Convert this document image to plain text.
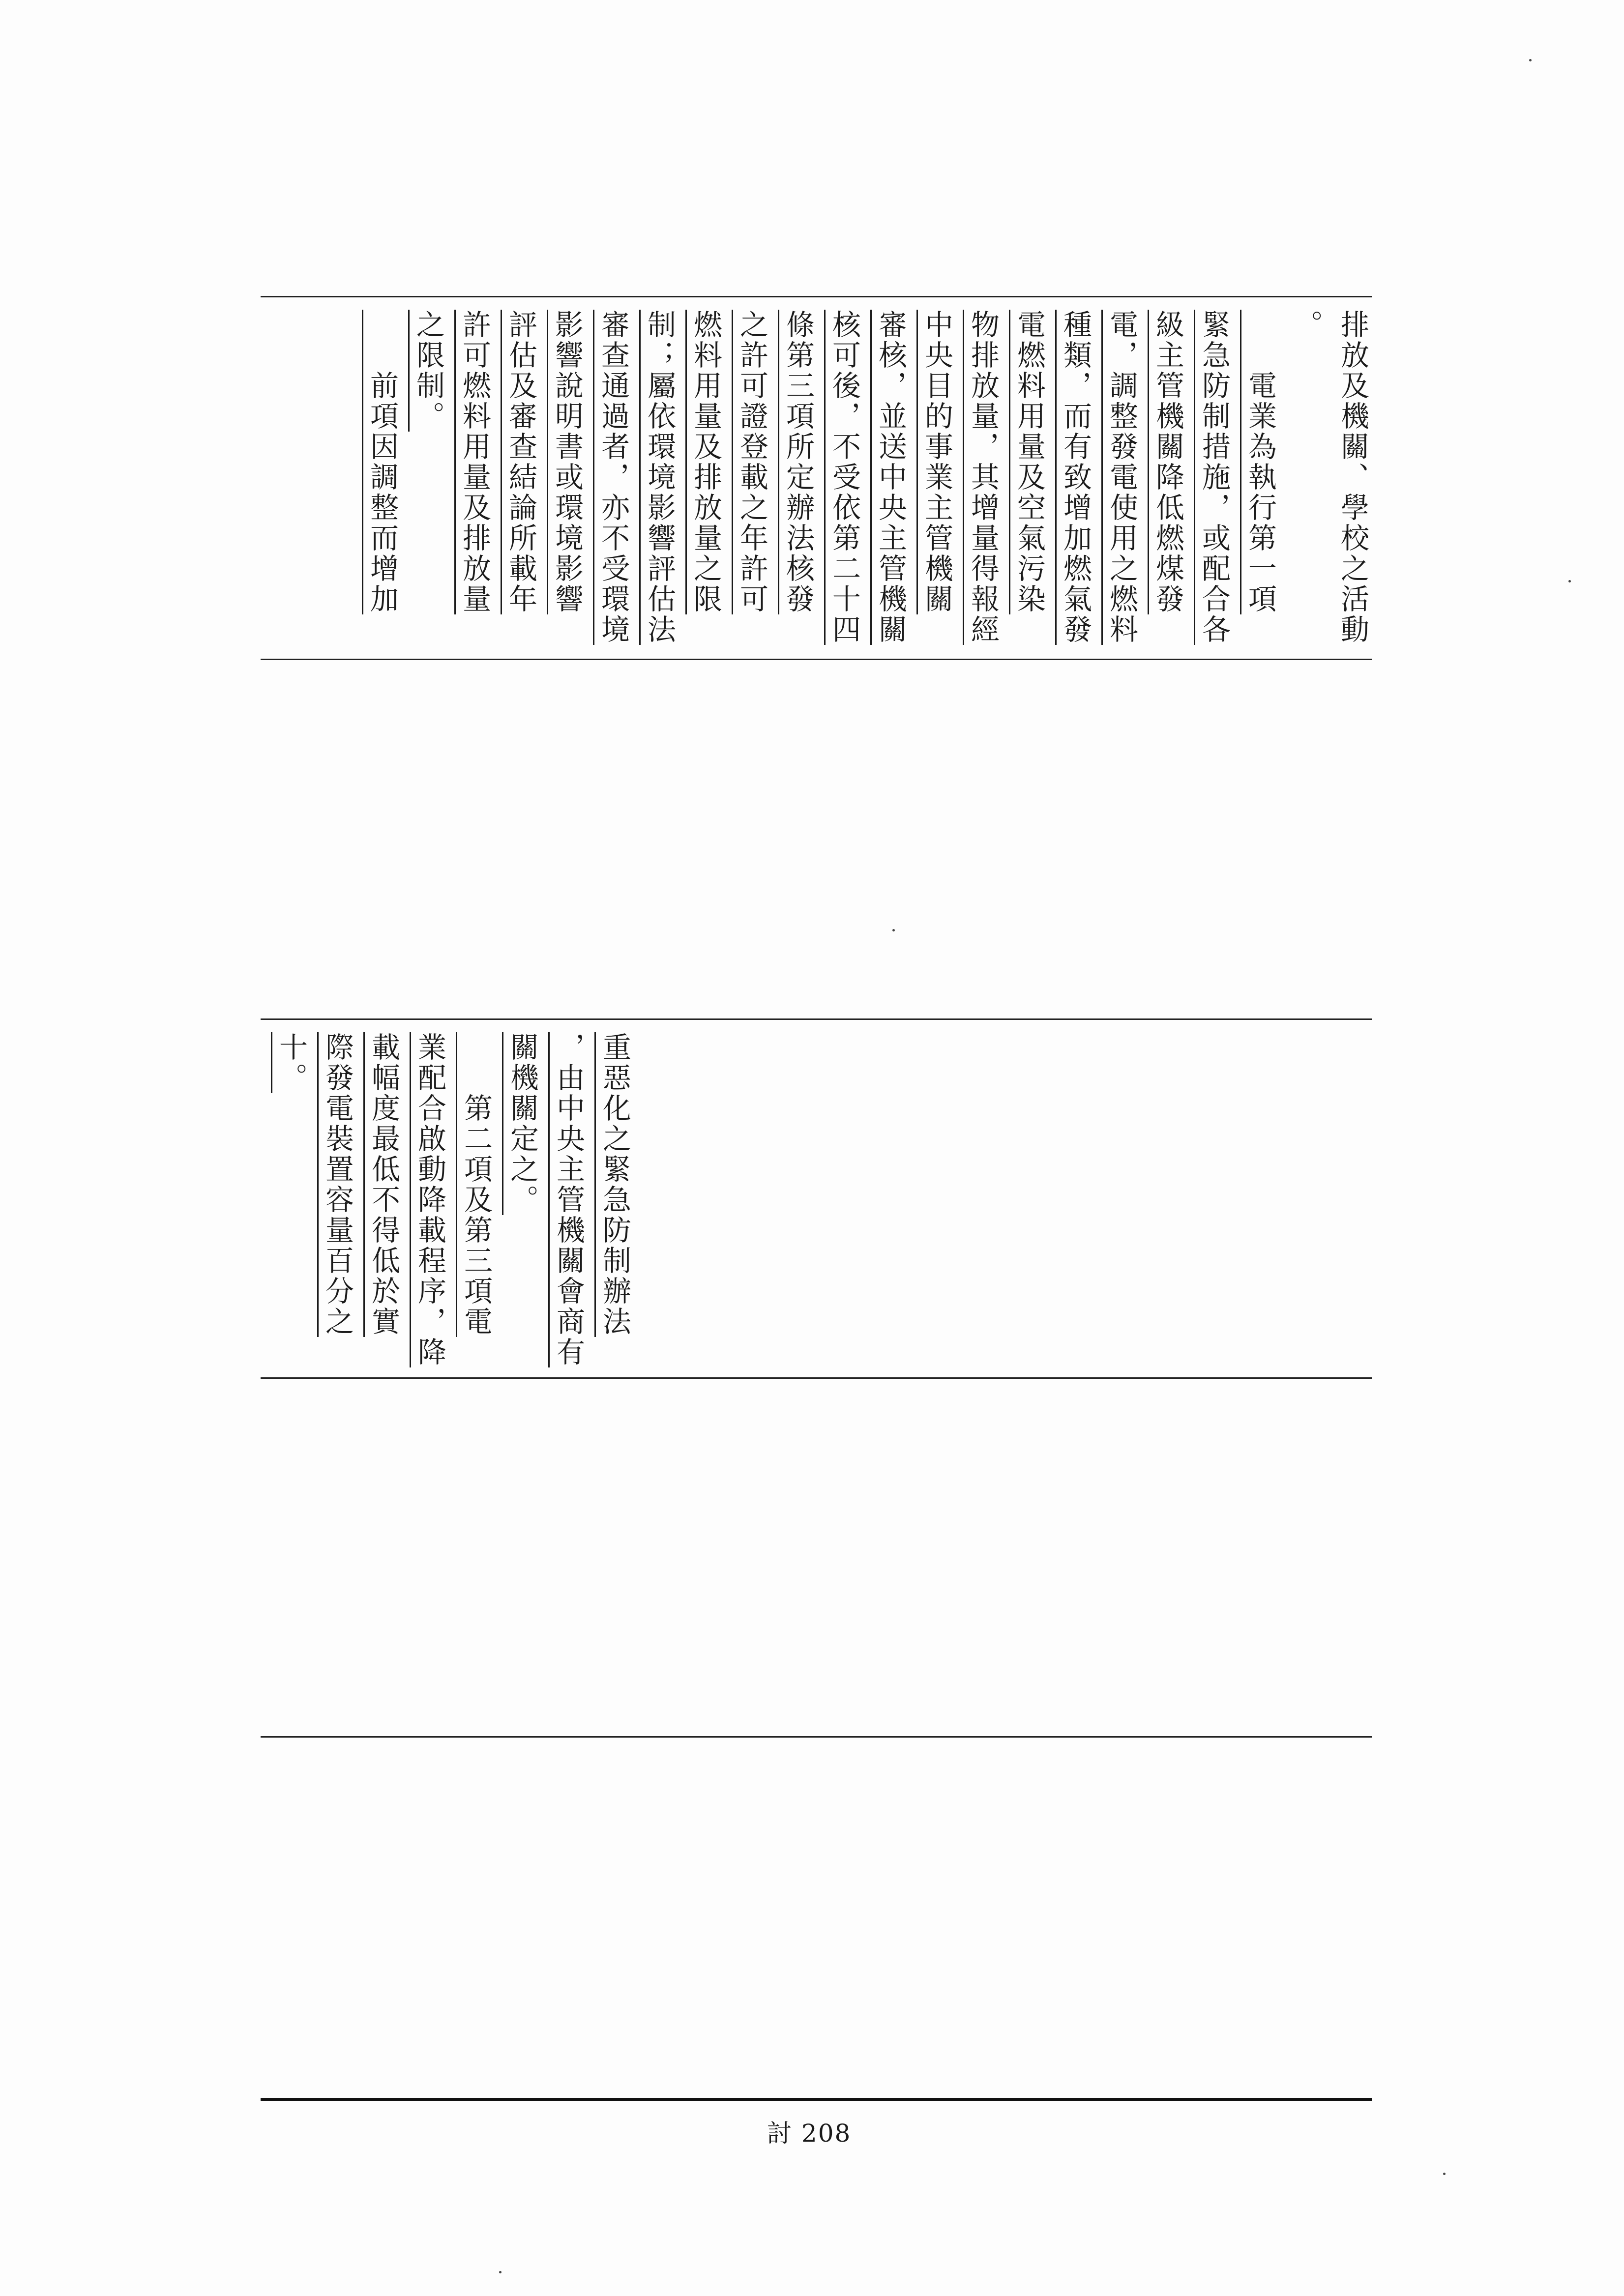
排放及機關、學校之活動
。
　　電業為執行第一項
緊急防制措施，或配合各
級主管機關降低燃煤發
電，調整發電使用之燃料
種類，而有致增加燃氣發
電燃料用量及空氣污染
物排放量，其增量得報經
中央目的事業主管機關
審核，並送中央主管機關
核可後，不受依第二十四
條第三項所定辦法核發
之許可證登載之年許可
燃料用量及排放量之限
制；屬依環境影響評估法
審查通過者，亦不受環境
影響說明書或環境影響
評估及審查結論所載年
許可燃料用量及排放量
之限制。
　　前項因調整而增加
重惡化之緊急防制辦法
，由中央主管機關會商有
關機關定之。
　　第二項及第三項電
業配合啟動降載程序，降
載幅度最低不得低於實
際發電裝置容量百分之
十。
討 208
